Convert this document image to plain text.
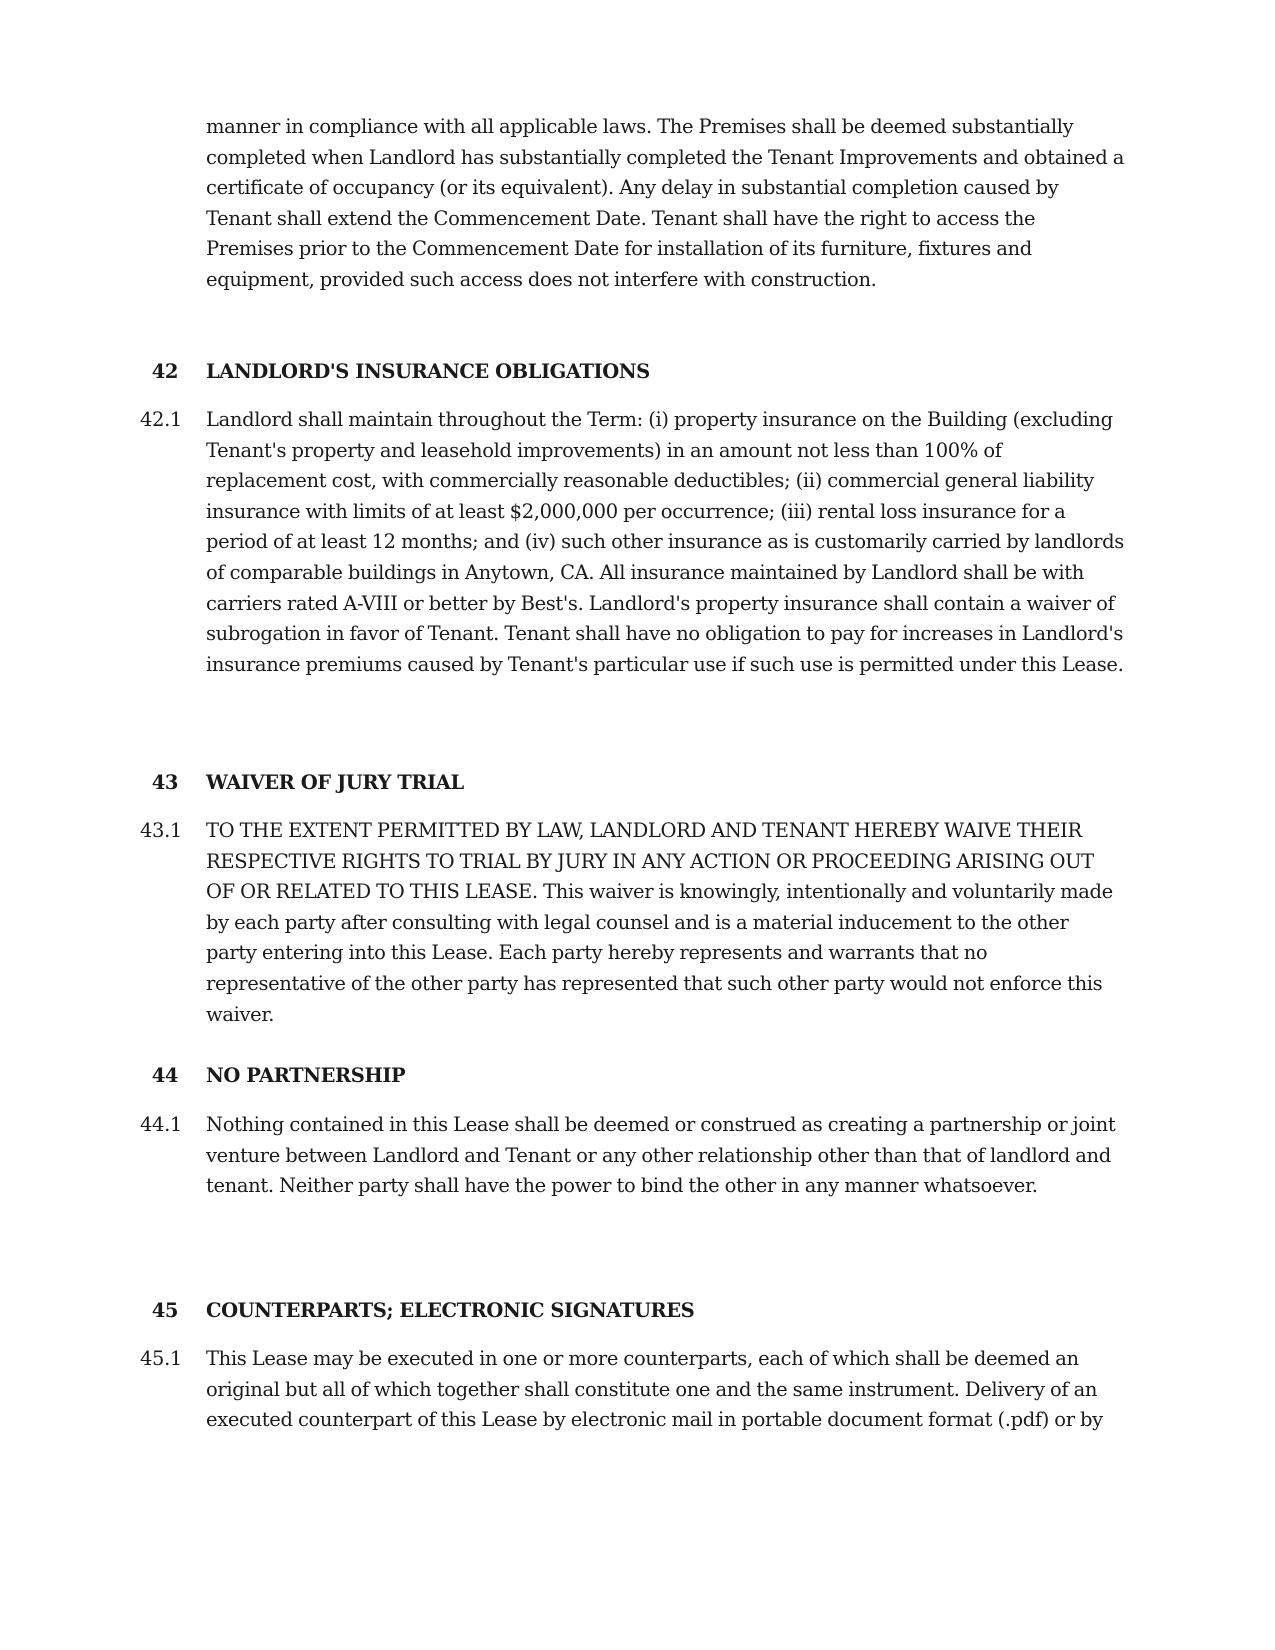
manner in compliance with all applicable laws. The Premises shall be deemed substantially completed when Landlord has substantially completed the Tenant Improvements and obtained a certificate of occupancy (or its equivalent). Any delay in substantial completion caused by Tenant shall extend the Commencement Date. Tenant shall have the right to access the Premises prior to the Commencement Date for installation of its furniture, fixtures and equipment, provided such access does not interfere with construction.

42 LANDLORD'S INSURANCE OBLIGATIONS
42.1 Landlord shall maintain throughout the Term: (i) property insurance on the Building (excluding Tenant's property and leasehold improvements) in an amount not less than 100% of replacement cost, with commercially reasonable deductibles; (ii) commercial general liability insurance with limits of at least $2,000,000 per occurrence; (iii) rental loss insurance for a period of at least 12 months; and (iv) such other insurance as is customarily carried by landlords of comparable buildings in Anytown, CA. All insurance maintained by Landlord shall be with carriers rated A-VIII or better by Best's. Landlord's property insurance shall contain a waiver of subrogation in favor of Tenant. Tenant shall have no obligation to pay for increases in Landlord's insurance premiums caused by Tenant's particular use if such use is permitted under this Lease.

43 WAIVER OF JURY TRIAL
43.1 TO THE EXTENT PERMITTED BY LAW, LANDLORD AND TENANT HEREBY WAIVE THEIR RESPECTIVE RIGHTS TO TRIAL BY JURY IN ANY ACTION OR PROCEEDING ARISING OUT OF OR RELATED TO THIS LEASE. This waiver is knowingly, intentionally and voluntarily made by each party after consulting with legal counsel and is a material inducement to the other party entering into this Lease. Each party hereby represents and warrants that no representative of the other party has represented that such other party would not enforce this waiver.

44 NO PARTNERSHIP
44.1 Nothing contained in this Lease shall be deemed or construed as creating a partnership or joint venture between Landlord and Tenant or any other relationship other than that of landlord and tenant. Neither party shall have the power to bind the other in any manner whatsoever.

45 COUNTERPARTS; ELECTRONIC SIGNATURES
45.1 This Lease may be executed in one or more counterparts, each of which shall be deemed an original but all of which together shall constitute one and the same instrument. Delivery of an executed counterpart of this Lease by electronic mail in portable document format (.pdf) or by
